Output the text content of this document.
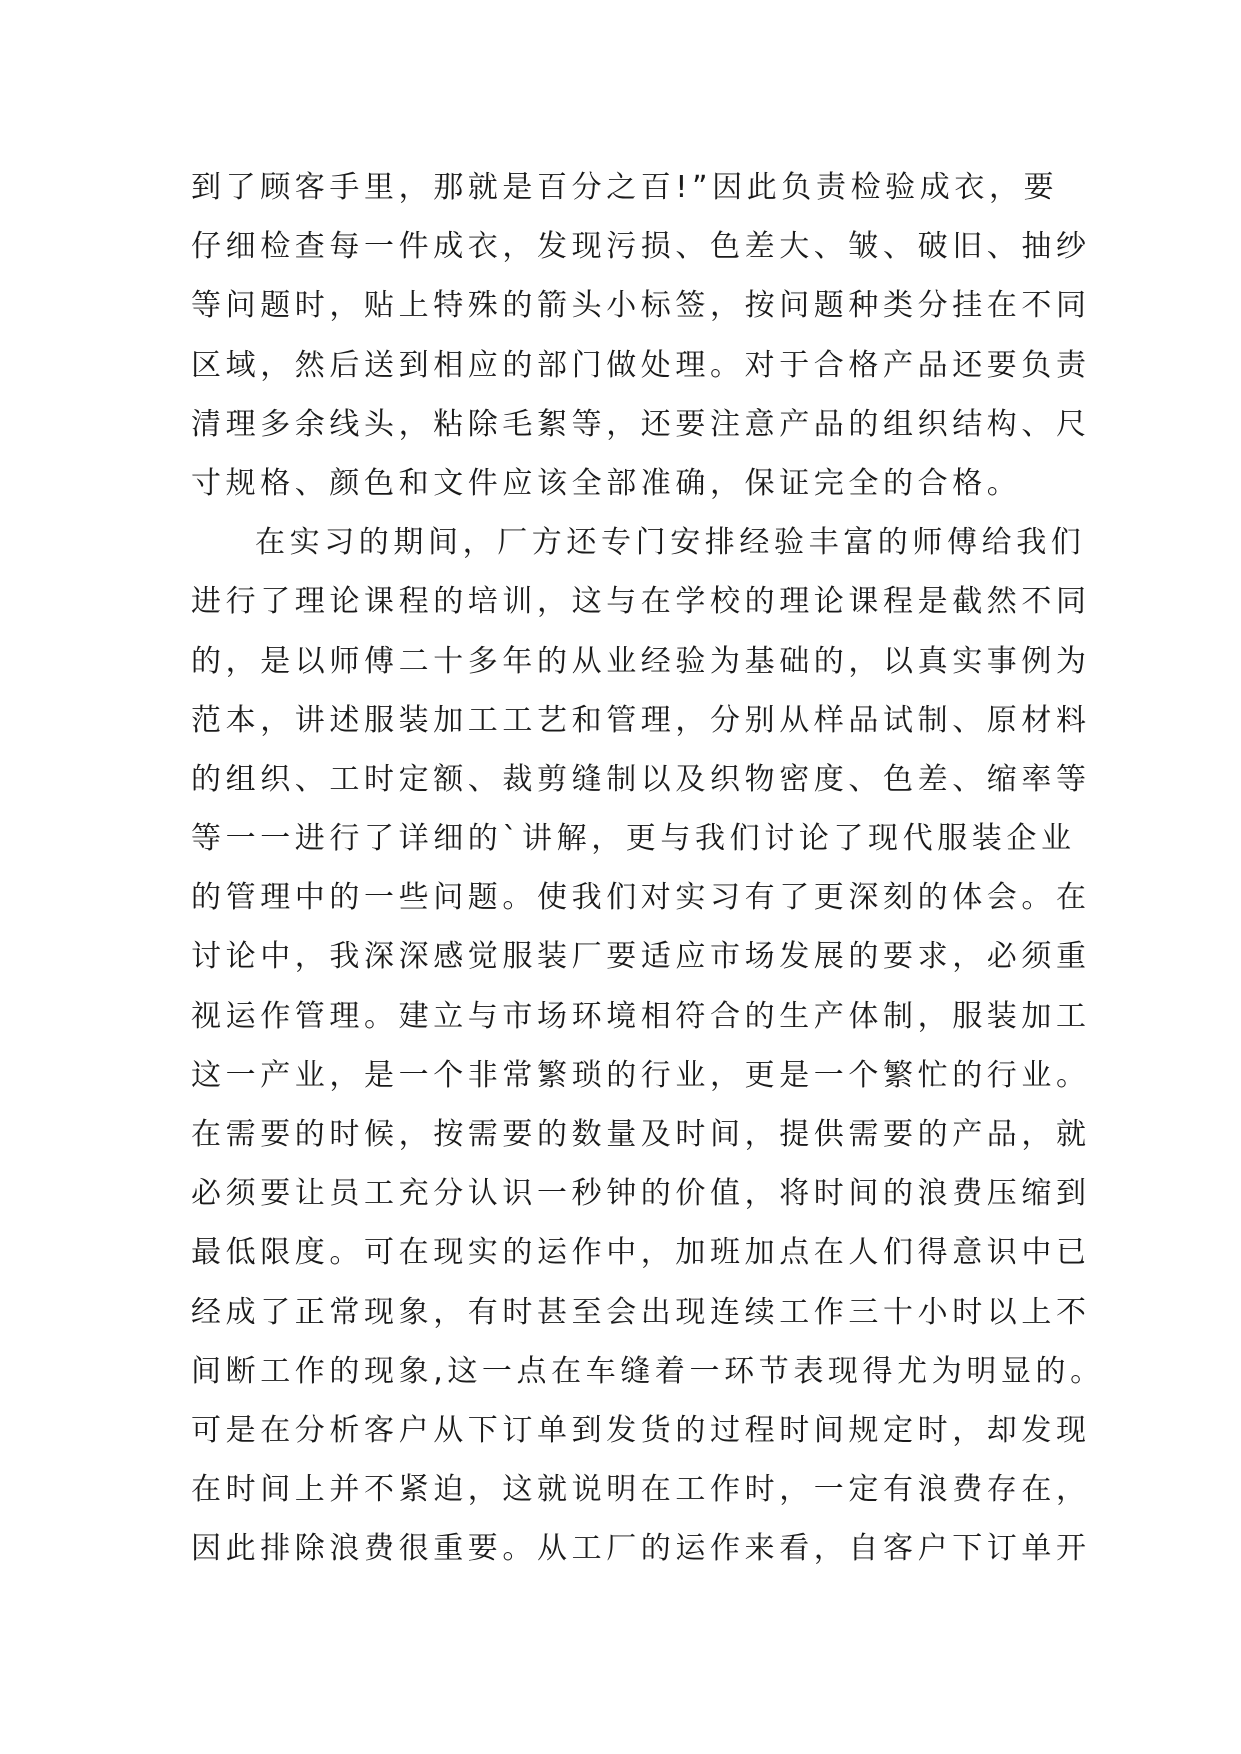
到了顾客手里，那就是百分之百!”因此负责检验成衣，要
仔细检查每一件成衣，发现污损、色差大、皱、破旧、抽纱
等问题时，贴上特殊的箭头小标签，按问题种类分挂在不同
区域，然后送到相应的部门做处理。对于合格产品还要负责
清理多余线头，粘除毛絮等，还要注意产品的组织结构、尺
寸规格、颜色和文件应该全部准确，保证完全的合格。
在实习的期间，厂方还专门安排经验丰富的师傅给我们
进行了理论课程的培训，这与在学校的理论课程是截然不同
的，是以师傅二十多年的从业经验为基础的，以真实事例为
范本，讲述服装加工工艺和管理，分别从样品试制、原材料
的组织、工时定额、裁剪缝制以及织物密度、色差、缩率等
等一一进行了详细的`讲解，更与我们讨论了现代服装企业
的管理中的一些问题。使我们对实习有了更深刻的体会。在
讨论中，我深深感觉服装厂要适应市场发展的要求，必须重
视运作管理。建立与市场环境相符合的生产体制，服装加工
这一产业，是一个非常繁琐的行业，更是一个繁忙的行业。
在需要的时候，按需要的数量及时间，提供需要的产品，就
必须要让员工充分认识一秒钟的价值，将时间的浪费压缩到
最低限度。可在现实的运作中，加班加点在人们得意识中已
经成了正常现象，有时甚至会出现连续工作三十小时以上不
间断工作的现象,这一点在车缝着一环节表现得尤为明显的。
可是在分析客户从下订单到发货的过程时间规定时，却发现
在时间上并不紧迫，这就说明在工作时，一定有浪费存在，
因此排除浪费很重要。从工厂的运作来看，自客户下订单开
